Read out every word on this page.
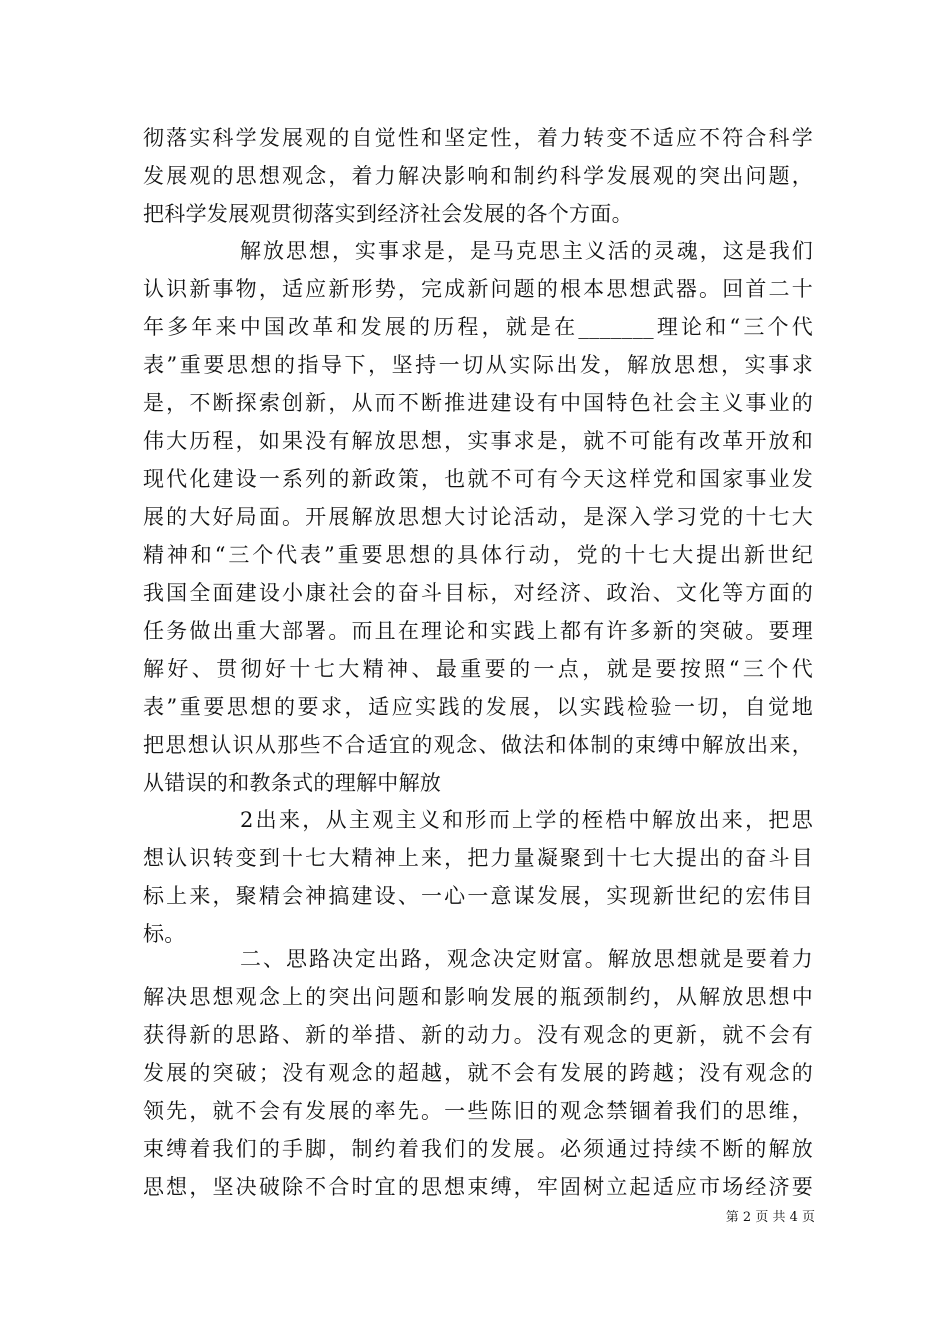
彻落实科学发展观的自觉性和坚定性，着力转变不适应不符合科学
发展观的思想观念，着力解决影响和制约科学发展观的突出问题，
把科学发展观贯彻落实到经济社会发展的各个方面。
解放思想，实事求是，是马克思主义活的灵魂，这是我们
认识新事物，适应新形势，完成新问题的根本思想武器。回首二十
年多年来中国改革和发展的历程，就是在_______理论和“三个代
表”重要思想的指导下，坚持一切从实际出发，解放思想，实事求
是，不断探索创新，从而不断推进建设有中国特色社会主义事业的
伟大历程，如果没有解放思想，实事求是，就不可能有改革开放和
现代化建设一系列的新政策，也就不可有今天这样党和国家事业发
展的大好局面。开展解放思想大讨论活动，是深入学习党的十七大
精神和“三个代表”重要思想的具体行动，党的十七大提出新世纪
我国全面建设小康社会的奋斗目标，对经济、政治、文化等方面的
任务做出重大部署。而且在理论和实践上都有许多新的突破。要理
解好、贯彻好十七大精神、最重要的一点，就是要按照“三个代
表”重要思想的要求，适应实践的发展，以实践检验一切，自觉地
把思想认识从那些不合适宜的观念、做法和体制的束缚中解放出来，
从错误的和教条式的理解中解放
2出来，从主观主义和形而上学的桎梏中解放出来，把思
想认识转变到十七大精神上来，把力量凝聚到十七大提出的奋斗目
标上来，聚精会神搞建设、一心一意谋发展，实现新世纪的宏伟目
标。
二、思路决定出路，观念决定财富。解放思想就是要着力
解决思想观念上的突出问题和影响发展的瓶颈制约，从解放思想中
获得新的思路、新的举措、新的动力。没有观念的更新，就不会有
发展的突破；没有观念的超越，就不会有发展的跨越；没有观念的
领先，就不会有发展的率先。一些陈旧的观念禁锢着我们的思维，
束缚着我们的手脚，制约着我们的发展。必须通过持续不断的解放
思想，坚决破除不合时宜的思想束缚，牢固树立起适应市场经济要
第 2 页 共 4 页
